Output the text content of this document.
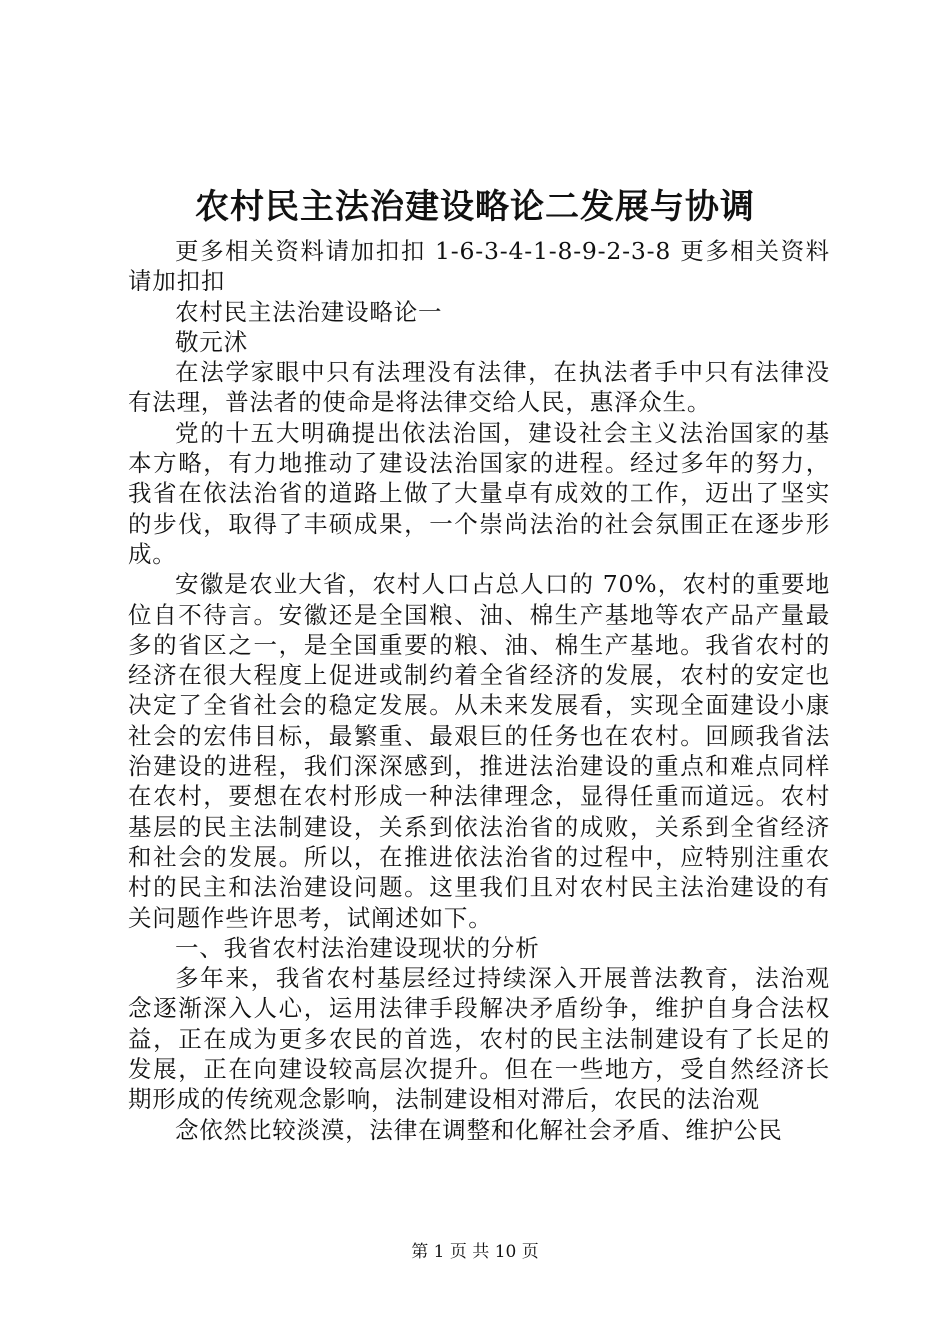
农村民主法治建设略论二发展与协调

更多相关资料请加扣扣 1-6-3-4-1-8-9-2-3-8 更多相关资料请加扣扣

农村民主法治建设略论一

敬元沭

在法学家眼中只有法理没有法律，在执法者手中只有法律没有法理，普法者的使命是将法律交给人民，惠泽众生。

党的十五大明确提出依法治国，建设社会主义法治国家的基本方略，有力地推动了建设法治国家的进程。经过多年的努力，我省在依法治省的道路上做了大量卓有成效的工作，迈出了坚实的步伐，取得了丰硕成果，一个崇尚法治的社会氛围正在逐步形成。

安徽是农业大省，农村人口占总人口的 70%，农村的重要地位自不待言。安徽还是全国粮、油、棉生产基地等农产品产量最多的省区之一，是全国重要的粮、油、棉生产基地。我省农村的经济在很大程度上促进或制约着全省经济的发展，农村的安定也决定了全省社会的稳定发展。从未来发展看，实现全面建设小康社会的宏伟目标，最繁重、最艰巨的任务也在农村。回顾我省法治建设的进程，我们深深感到，推进法治建设的重点和难点同样在农村，要想在农村形成一种法律理念，显得任重而道远。农村基层的民主法制建设，关系到依法治省的成败，关系到全省经济和社会的发展。所以，在推进依法治省的过程中，应特别注重农村的民主和法治建设问题。这里我们且对农村民主法治建设的有关问题作些许思考，试阐述如下。

一、我省农村法治建设现状的分析

多年来，我省农村基层经过持续深入开展普法教育，法治观念逐渐深入人心，运用法律手段解决矛盾纷争，维护自身合法权益，正在成为更多农民的首选，农村的民主法制建设有了长足的发展，正在向建设较高层次提升。但在一些地方，受自然经济长期形成的传统观念影响，法制建设相对滞后，农民的法治观

念依然比较淡漠，法律在调整和化解社会矛盾、维护公民

第 1 页 共 10 页
